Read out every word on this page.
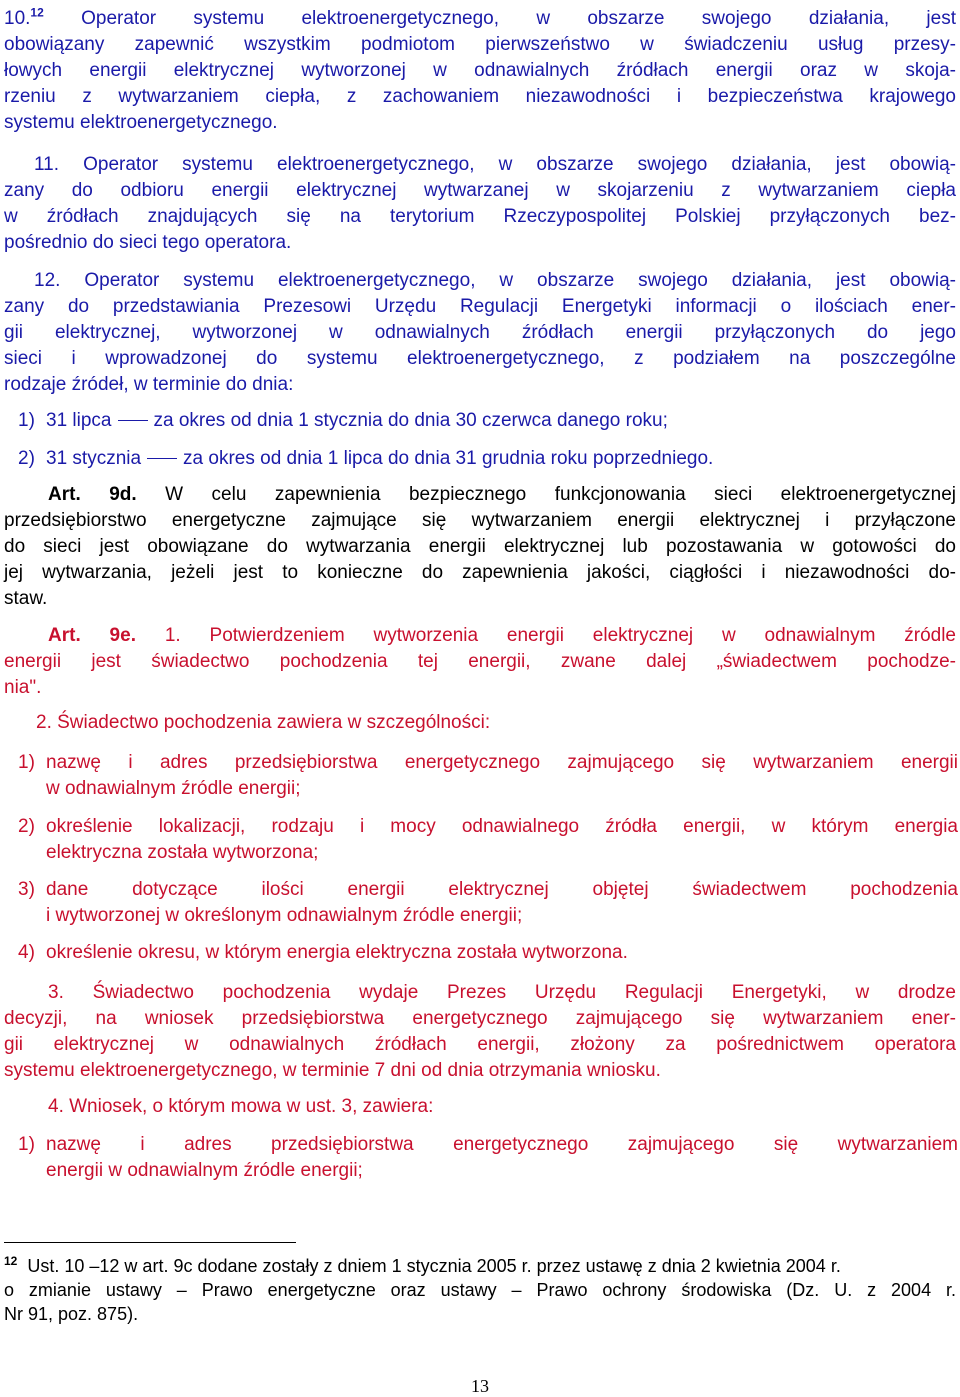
10.12 Operator systemu elektroenergetycznego, w obszarze swojego działania, jest
obowiązany zapewnić wszystkim podmiotom pierwszeństwo w świadczeniu usług przesy-
łowych energii elektrycznej wytworzonej w odnawialnych źródłach energii oraz w skoja-
rzeniu z wytwarzaniem ciepła, z zachowaniem niezawodności i bezpieczeństwa krajowego
systemu elektroenergetycznego.
11. Operator systemu elektroenergetycznego, w obszarze swojego działania, jest obowią-
zany do odbioru energii elektrycznej wytwarzanej w skojarzeniu z wytwarzaniem ciepła
w źródłach znajdujących się na terytorium Rzeczypospolitej Polskiej przyłączonych bez-
pośrednio do sieci tego operatora.
12. Operator systemu elektroenergetycznego, w obszarze swojego działania, jest obowią-
zany do przedstawiania Prezesowi Urzędu Regulacji Energetyki informacji o ilościach ener-
gii elektrycznej, wytworzonej w odnawialnych źródłach energii przyłączonych do jego
sieci i wprowadzonej do systemu elektroenergetycznego, z podziałem na poszczególne
rodzaje źródeł, w terminie do dnia:
1) 31 lipca za okres od dnia 1 stycznia do dnia 30 czerwca danego roku;
2) 31 stycznia za okres od dnia 1 lipca do dnia 31 grudnia roku poprzedniego.
Art. 9d. W celu zapewnienia bezpiecznego funkcjonowania sieci elektroenergetycznej
przedsiębiorstwo energetyczne zajmujące się wytwarzaniem energii elektrycznej i przyłączone
do sieci jest obowiązane do wytwarzania energii elektrycznej lub pozostawania w gotowości do
jej wytwarzania, jeżeli jest to konieczne do zapewnienia jakości, ciągłości i niezawodności do-
staw.
Art. 9e. 1. Potwierdzeniem wytworzenia energii elektrycznej w odnawialnym źródle
energii jest świadectwo pochodzenia tej energii, zwane dalej „świadectwem pochodze-
nia".
2. Świadectwo pochodzenia zawiera w szczególności:
1) nazwę i adres przedsiębiorstwa energetycznego zajmującego się wytwarzaniem energii
w odnawialnym źródle energii;
2) określenie lokalizacji, rodzaju i mocy odnawialnego źródła energii, w którym energia
elektryczna została wytworzona;
3) dane dotyczące ilości energii elektrycznej objętej świadectwem pochodzenia
i wytworzonej w określonym odnawialnym źródle energii;
4) określenie okresu, w którym energia elektryczna została wytworzona.
3. Świadectwo pochodzenia wydaje Prezes Urzędu Regulacji Energetyki, w drodze
decyzji, na wniosek przedsiębiorstwa energetycznego zajmującego się wytwarzaniem ener-
gii elektrycznej w odnawialnych źródłach energii, złożony za pośrednictwem operatora
systemu elektroenergetycznego, w terminie 7 dni od dnia otrzymania wniosku.
4. Wniosek, o którym mowa w ust. 3, zawiera:
1) nazwę i adres przedsiębiorstwa energetycznego zajmującego się wytwarzaniem
energii w odnawialnym źródle energii;
$^{12}$ Ust. 10 –12 w art. 9c dodane zostały z dniem 1 stycznia 2005 r. przez ustawę z dnia 2 kwietnia 2004 r.
o zmianie ustawy – Prawo energetyczne oraz ustawy – Prawo ochrony środowiska (Dz. U. z 2004 r.
Nr 91, poz. 875).
13
